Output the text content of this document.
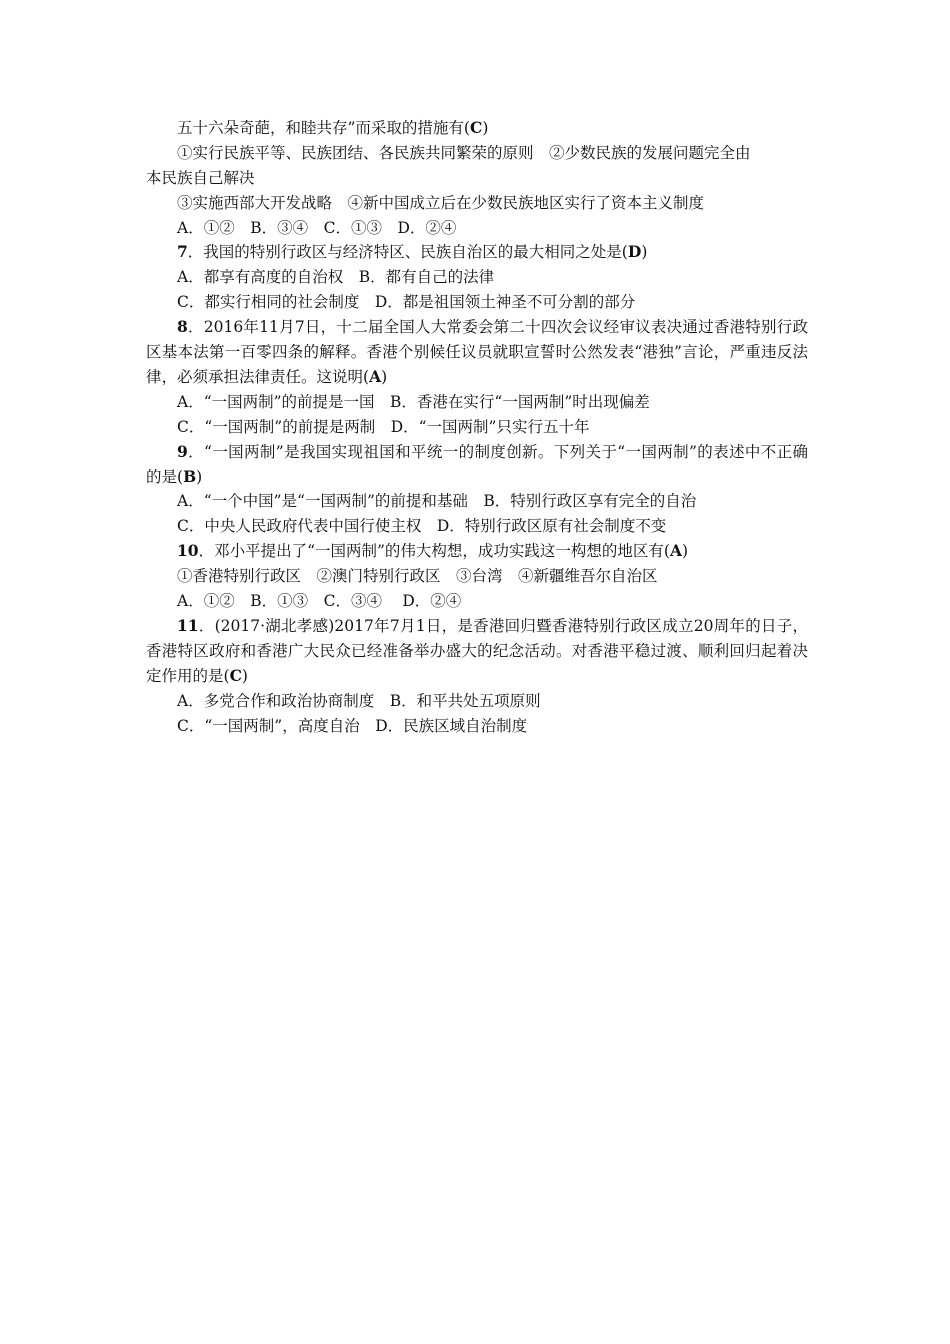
五十六朵奇葩，和睦共存”而采取的措施有(C)
①实行民族平等、民族团结、各民族共同繁荣的原则　②少数民族的发展问题完全由
本民族自己解决
③实施西部大开发战略　④新中国成立后在少数民族地区实行了资本主义制度
A．①②　B．③④　C．①③　D．②④
7．我国的特别行政区与经济特区、民族自治区的最大相同之处是(D)
A．都享有高度的自治权　B．都有自己的法律
C．都实行相同的社会制度　D．都是祖国领土神圣不可分割的部分
8．2016年11月7日，十二届全国人大常委会第二十四次会议经审议表决通过香港特别行政区基本法第一百零四条的解释。香港个别候任议员就职宣誓时公然发表“港独”言论，严重违反法律，必须承担法律责任。这说明(A)
A．“一国两制”的前提是一国　B．香港在实行“一国两制”时出现偏差
C．“一国两制”的前提是两制　D．“一国两制”只实行五十年
9．“一国两制”是我国实现祖国和平统一的制度创新。下列关于“一国两制”的表述中不正确的是(B)
A．“一个中国”是“一国两制”的前提和基础　B．特别行政区享有完全的自治
C．中央人民政府代表中国行使主权　D．特别行政区原有社会制度不变
10．邓小平提出了“一国两制”的伟大构想，成功实践这一构想的地区有(A)
①香港特别行政区　②澳门特别行政区　③台湾　④新疆维吾尔自治区
A．①②　B．①③　C．③④　 D．②④
11．(2017·湖北孝感)2017年7月1日，是香港回归暨香港特别行政区成立20周年的日子，香港特区政府和香港广大民众已经准备举办盛大的纪念活动。对香港平稳过渡、顺利回归起着决定作用的是(C)
A．多党合作和政治协商制度　B．和平共处五项原则
C．“一国两制”，高度自治　D．民族区域自治制度
